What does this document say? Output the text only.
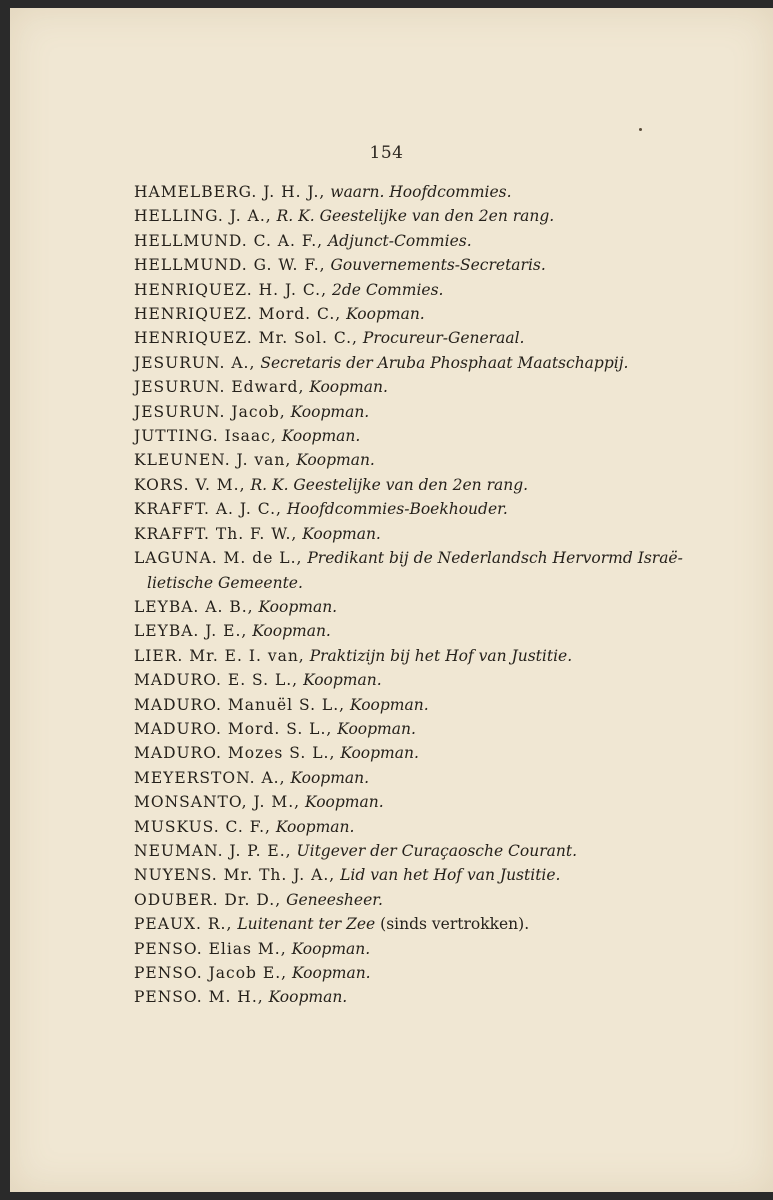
154
HAMELBERG. J. H. J., waarn. Hoofdcommies.
HELLING. J. A., R. K. Geestelijke van den 2en rang.
HELLMUND. C. A. F., Adjunct-Commies.
HELLMUND. G. W. F., Gouvernements-Secretaris.
HENRIQUEZ. H. J. C., 2de Commies.
HENRIQUEZ. Mord. C., Koopman.
HENRIQUEZ. Mr. Sol. C., Procureur-Generaal.
JESURUN. A., Secretaris der Aruba Phosphaat Maatschappij.
JESURUN. Edward, Koopman.
JESURUN. Jacob, Koopman.
JUTTING. Isaac, Koopman.
KLEUNEN. J. van, Koopman.
KORS. V. M., R. K. Geestelijke van den 2en rang.
KRAFFT. A. J. C., Hoofdcommies-Boekhouder.
KRAFFT. Th. F. W., Koopman.
LAGUNA. M. de L., Predikant bij de Nederlandsch Hervormd Israë-
lietische Gemeente.
LEYBA. A. B., Koopman.
LEYBA. J. E., Koopman.
LIER. Mr. E. I. van, Praktizijn bij het Hof van Justitie.
MADURO. E. S. L., Koopman.
MADURO. Manuël S. L., Koopman.
MADURO. Mord. S. L., Koopman.
MADURO. Mozes S. L., Koopman.
MEYERSTON. A., Koopman.
MONSANTO, J. M., Koopman.
MUSKUS. C. F., Koopman.
NEUMAN. J. P. E., Uitgever der Curaçaosche Courant.
NUYENS. Mr. Th. J. A., Lid van het Hof van Justitie.
ODUBER. Dr. D., Geneesheer.
PEAUX. R., Luitenant ter Zee (sinds vertrokken).
PENSO. Elias M., Koopman.
PENSO. Jacob E., Koopman.
PENSO. M. H., Koopman.
